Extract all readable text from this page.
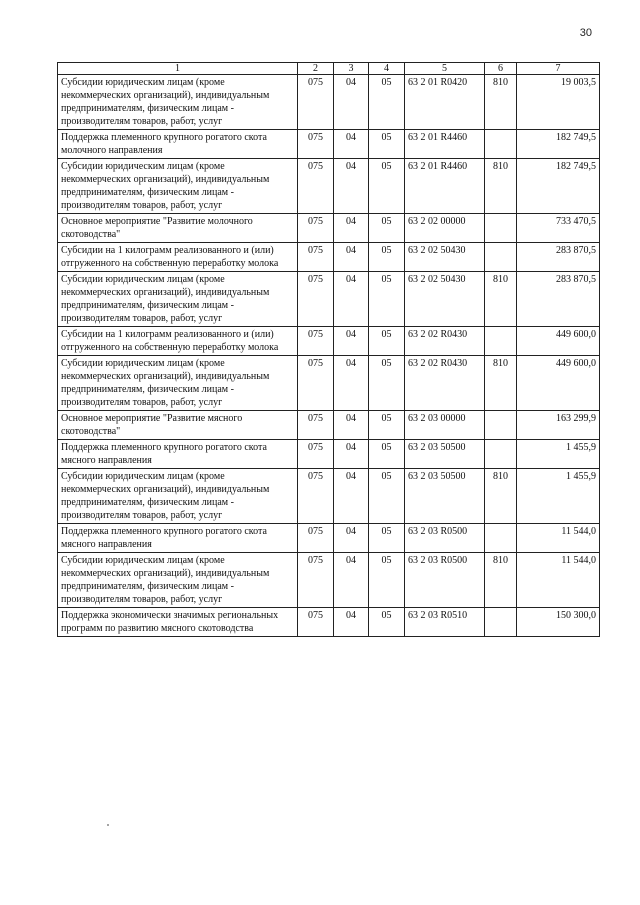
30
1	2	3	4	5	6	7
Субсидии юридическим лицам (кроме некоммерческих организаций), индивидуальным предпринимателям, физическим лицам - производителям товаров, работ, услуг	075	04	05	63 2 01 R0420	810	19 003,5
Поддержка племенного крупного рогатого скота молочного направления	075	04	05	63 2 01 R4460		182 749,5
Субсидии юридическим лицам (кроме некоммерческих организаций), индивидуальным предпринимателям, физическим лицам - производителям товаров, работ, услуг	075	04	05	63 2 01 R4460	810	182 749,5
Основное мероприятие "Развитие молочного скотоводства"	075	04	05	63 2 02 00000		733 470,5
Субсидии на 1 килограмм реализованного и (или) отгруженного на собственную переработку молока	075	04	05	63 2 02 50430		283 870,5
Субсидии юридическим лицам (кроме некоммерческих организаций), индивидуальным предпринимателям, физическим лицам - производителям товаров, работ, услуг	075	04	05	63 2 02 50430	810	283 870,5
Субсидии на 1 килограмм реализованного и (или) отгруженного на собственную переработку молока	075	04	05	63 2 02 R0430		449 600,0
Субсидии юридическим лицам (кроме некоммерческих организаций), индивидуальным предпринимателям, физическим лицам - производителям товаров, работ, услуг	075	04	05	63 2 02 R0430	810	449 600,0
Основное мероприятие "Развитие мясного скотоводства"	075	04	05	63 2 03 00000		163 299,9
Поддержка племенного крупного рогатого скота мясного направления	075	04	05	63 2 03 50500		1 455,9
Субсидии юридическим лицам (кроме некоммерческих организаций), индивидуальным предпринимателям, физическим лицам - производителям товаров, работ, услуг	075	04	05	63 2 03 50500	810	1 455,9
Поддержка племенного крупного рогатого скота мясного направления	075	04	05	63 2 03 R0500		11 544,0
Субсидии юридическим лицам (кроме некоммерческих организаций), индивидуальным предпринимателям, физическим лицам - производителям товаров, работ, услуг	075	04	05	63 2 03 R0500	810	11 544,0
Поддержка экономически значимых региональных программ по развитию мясного скотоводства	075	04	05	63 2 03 R0510		150 300,0
